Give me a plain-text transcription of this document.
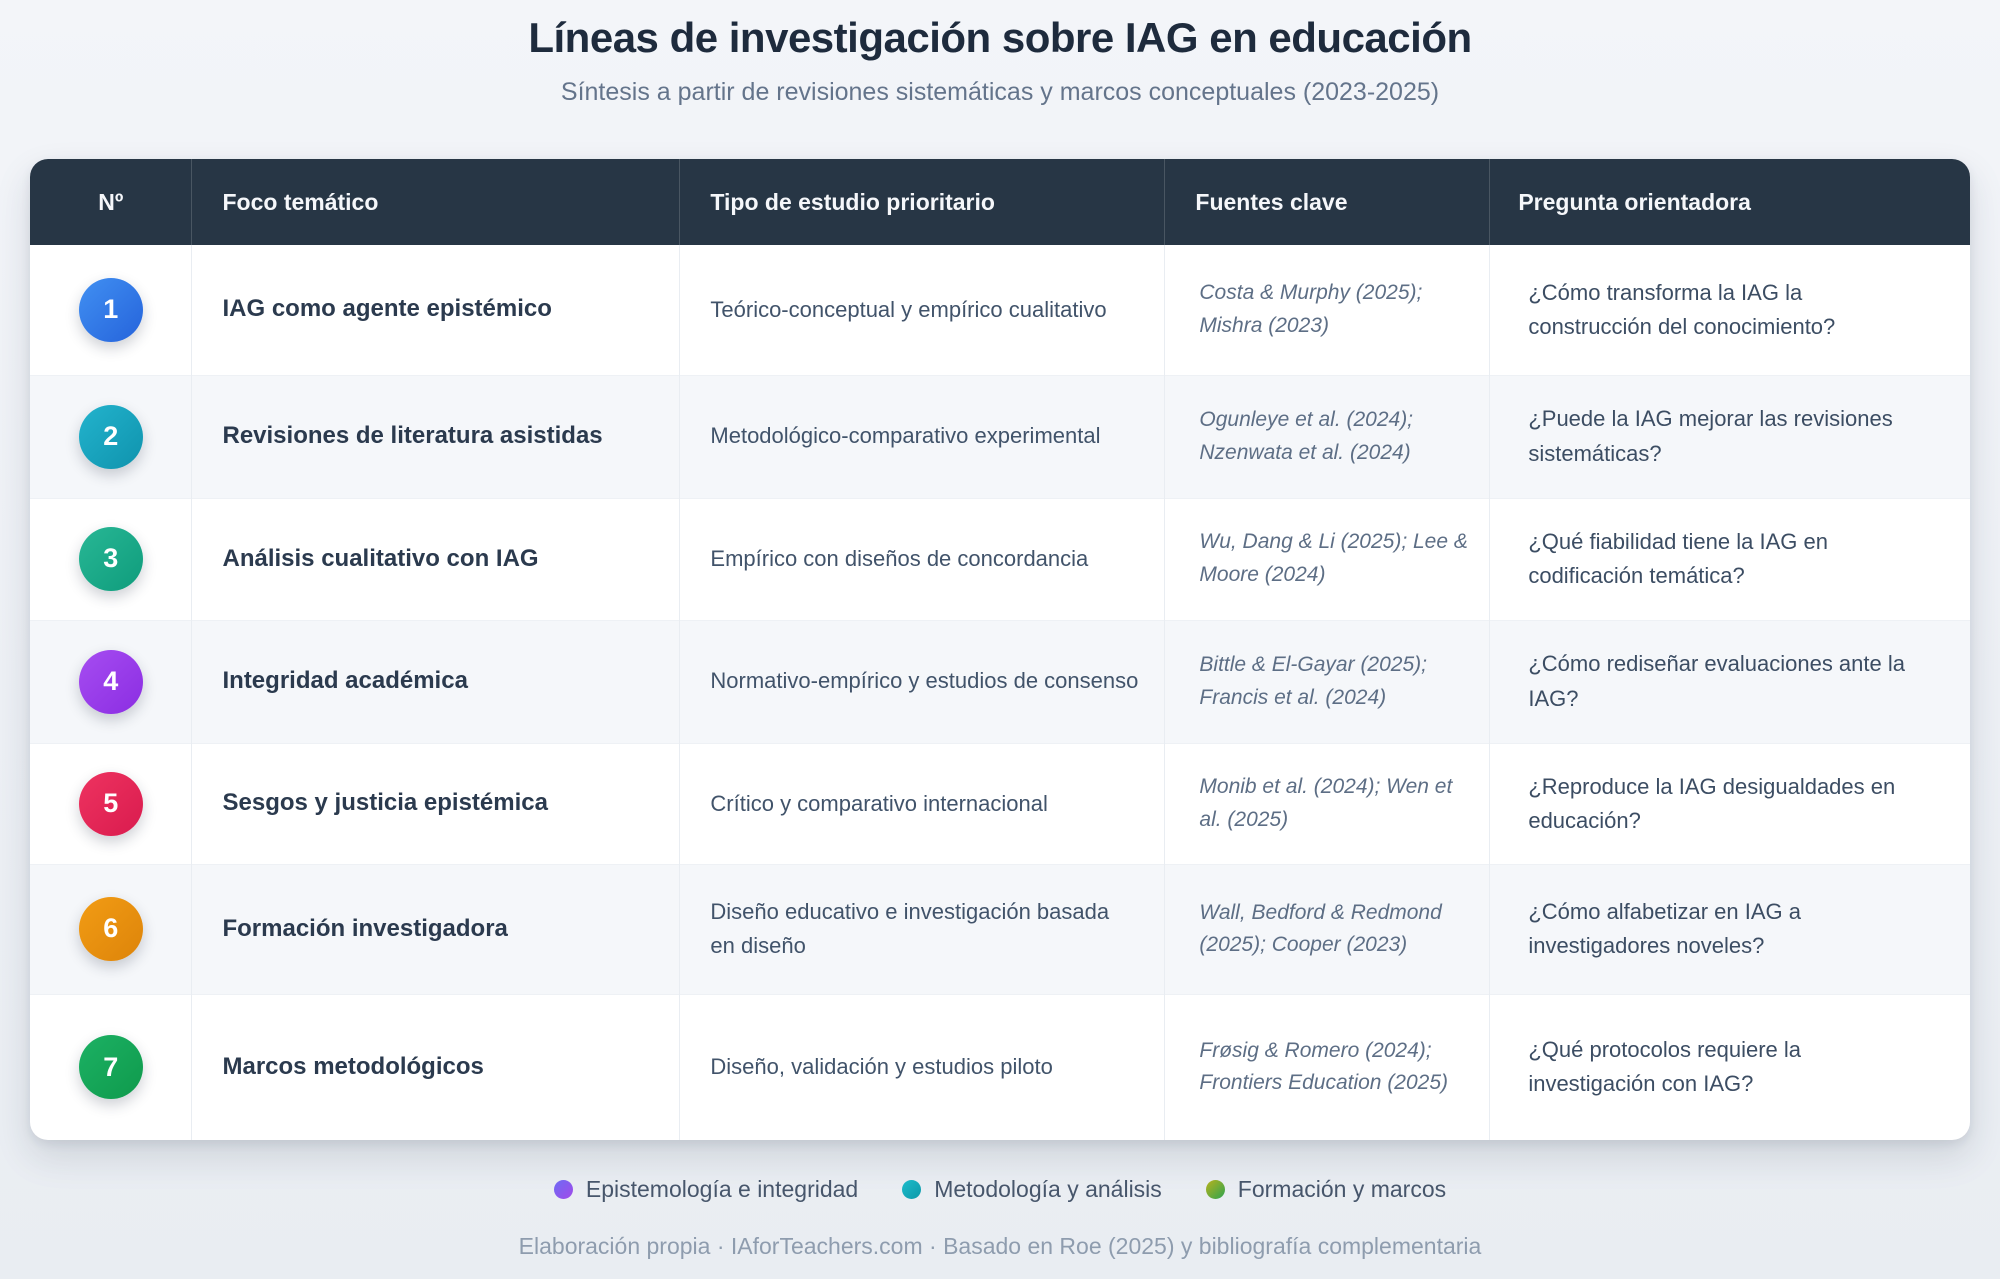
Líneas de investigación sobre IAG en educación

Síntesis a partir de revisiones sistemáticas y marcos conceptuales (2023-2025)

Nº	Foco temático	Tipo de estudio prioritario	Fuentes clave	Pregunta orientadora
1	IAG como agente epistémico	Teórico-conceptual y empírico cualitativo	Costa & Murphy (2025); Mishra (2023)	¿Cómo transforma la IAG la construcción del conocimiento?
2	Revisiones de literatura asistidas	Metodológico-comparativo experimental	Ogunleye et al. (2024); Nzenwata et al. (2024)	¿Puede la IAG mejorar las revisiones sistemáticas?
3	Análisis cualitativo con IAG	Empírico con diseños de concordancia	Wu, Dang & Li (2025); Lee & Moore (2024)	¿Qué fiabilidad tiene la IAG en codificación temática?
4	Integridad académica	Normativo-empírico y estudios de consenso	Bittle & El-Gayar (2025); Francis et al. (2024)	¿Cómo rediseñar evaluaciones ante la IAG?
5	Sesgos y justicia epistémica	Crítico y comparativo internacional	Monib et al. (2024); Wen et al. (2025)	¿Reproduce la IAG desigualdades en educación?
6	Formación investigadora	Diseño educativo e investigación basada en diseño	Wall, Bedford & Redmond (2025); Cooper (2023)	¿Cómo alfabetizar en IAG a investigadores noveles?
7	Marcos metodológicos	Diseño, validación y estudios piloto	Frøsig & Romero (2024); Frontiers Education (2025)	¿Qué protocolos requiere la investigación con IAG?
Epistemología e integridad	Metodología y análisis	Formación y marcos

Elaboración propia · IAforTeachers.com · Basado en Roe (2025) y bibliografía complementaria
